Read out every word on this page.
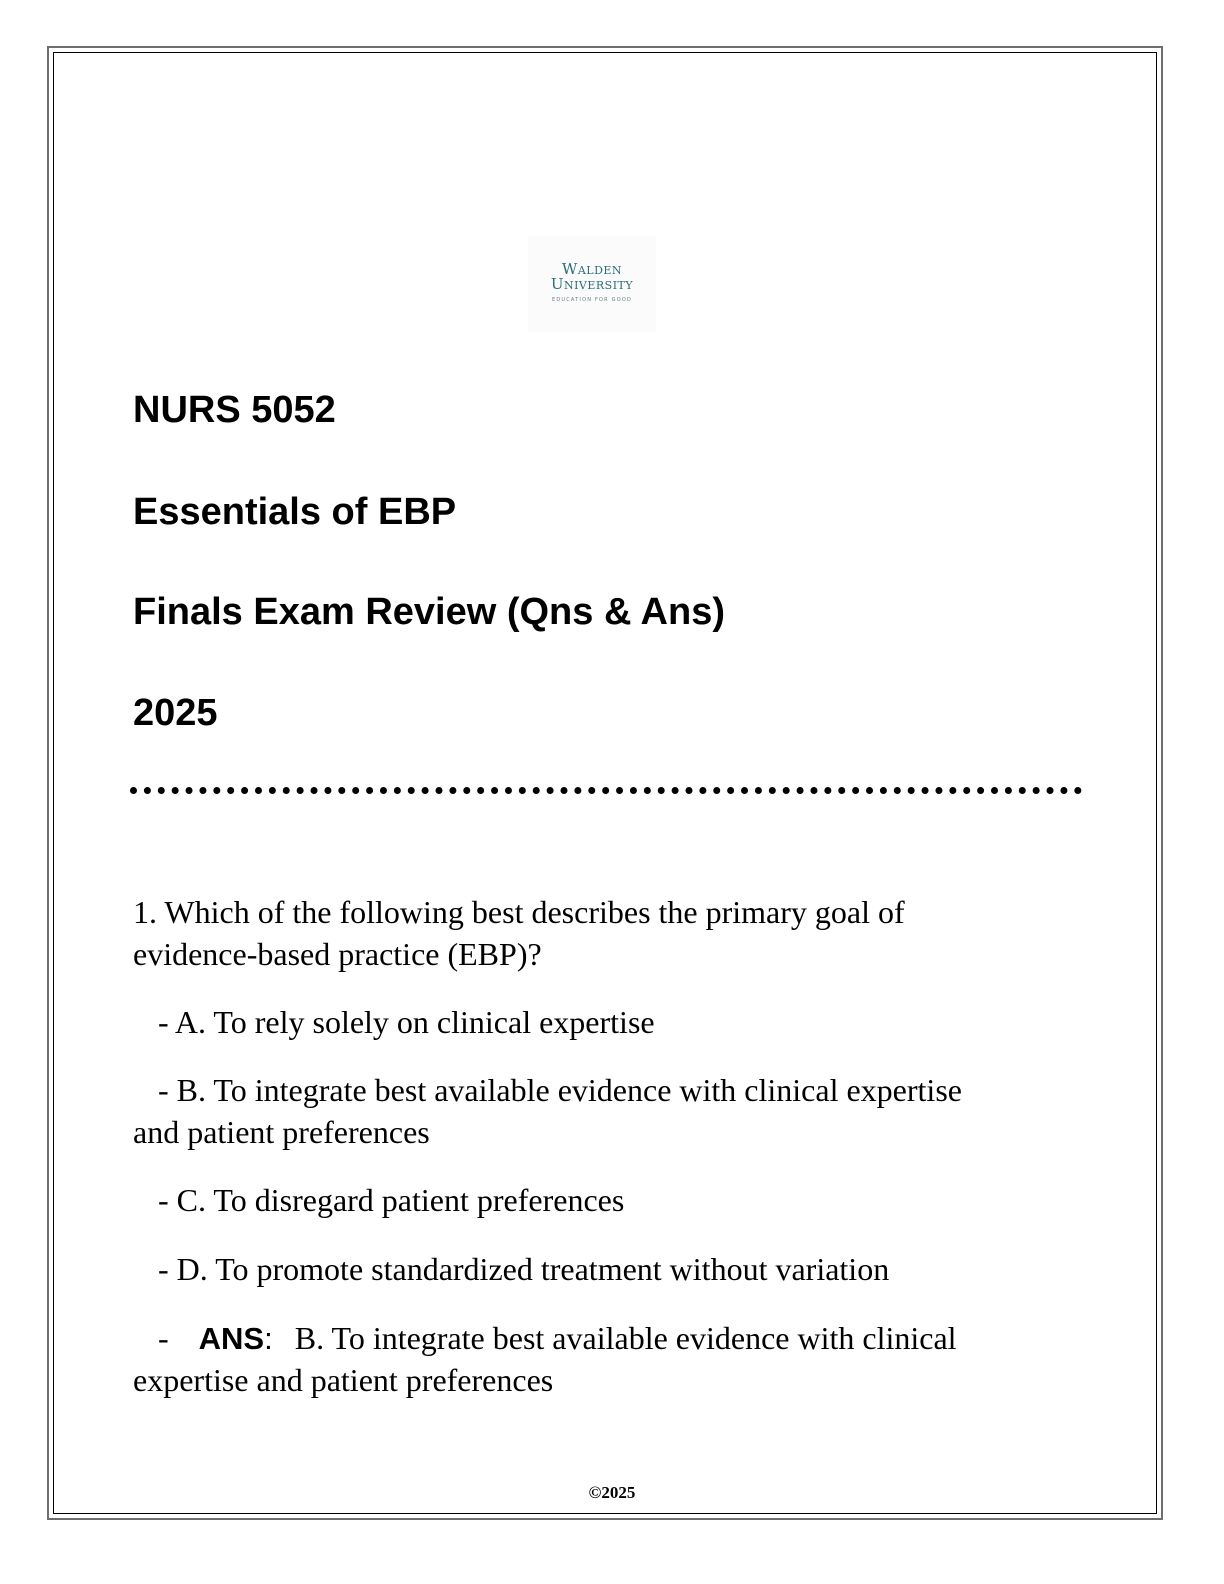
Walden
University
EDUCATION FOR GOOD
NURS 5052
Essentials of EBP
Finals Exam Review (Qns & Ans)
2025
1. Which of the following best describes the primary goal of
evidence-based practice (EBP)?
- A. To rely solely on clinical expertise
- B. To integrate best available evidence with clinical expertise
and patient preferences
- C. To disregard patient preferences
- D. To promote standardized treatment without variation
- ANS: B. To integrate best available evidence with clinical
expertise and patient preferences
©2025
